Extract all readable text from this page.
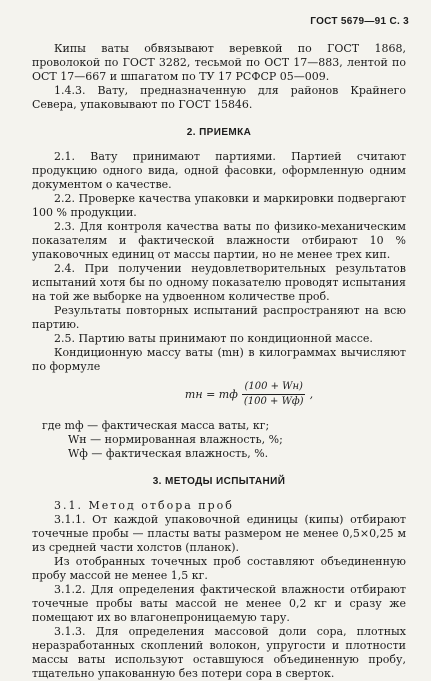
ГОСТ 5679—91 С. 3

Кипы вaты обвязывают веревкой по ГОСТ 1868, проволокой по ГОСТ 3282, тесьмой по ОСТ 17—883, лентой по ОСТ 17—667 и шпагатом по ТУ 17 РСФСР 05—009.

1.4.3. Вату, предназначенную для районов Крайнего Севера, упаковывают по ГОСТ 15846.

2. ПРИЕМКА

2.1. Вату принимают партиями. Партией считают продукцию одного вида, одной фасовки, оформленную одним документом о качестве.

2.2. Проверке качества упаковки и маркировки подвергают 100 % продукции.

2.3. Для контроля качества ваты по физико-механическим показателям и фактической влажности отбирают 10 % упаковочных единиц от массы партии, но не менее трех кип.

2.4. При получении неудовлетворительных результатов испытаний хотя бы по одному показателю проводят испытания на той же выборке на удвоенном количестве проб.

Результаты повторных испытаний распространяют на всю партию.

2.5. Партию ваты принимают по кондиционной массе.

Кондиционную массу ваты (mн) в килограммах вычисляют по формуле

mн = mф $\frac{(100 + Wн)}{(100 + Wф)}$ ,
где mф — фактическая масса ваты, кг;
Wн — нормированная влажность, %;
Wф — фактическая влажность, %.
3. МЕТОДЫ ИСПЫТАНИЙ

3.1. Метод отбора проб

3.1.1. От каждой упаковочной единицы (кипы) отбирают точечные пробы — пласты ваты размером не менее 0,5×0,25 м из средней части холстов (планок).

Из отобранных точечных проб составляют объединенную пробу массой не менее 1,5 кг.

3.1.2. Для определения фактической влажности отбирают точечные пробы ваты массой не менее 0,2 кг и сразу же помещают их во влагонепроницаемую тару.

3.1.3. Для определения массовой доли сора, плотных неразработанных скоплений волокон, упругости и плотности массы ваты используют оставшуюся объединенную пробу, тщательно упакованную без потери сора в сверток.
